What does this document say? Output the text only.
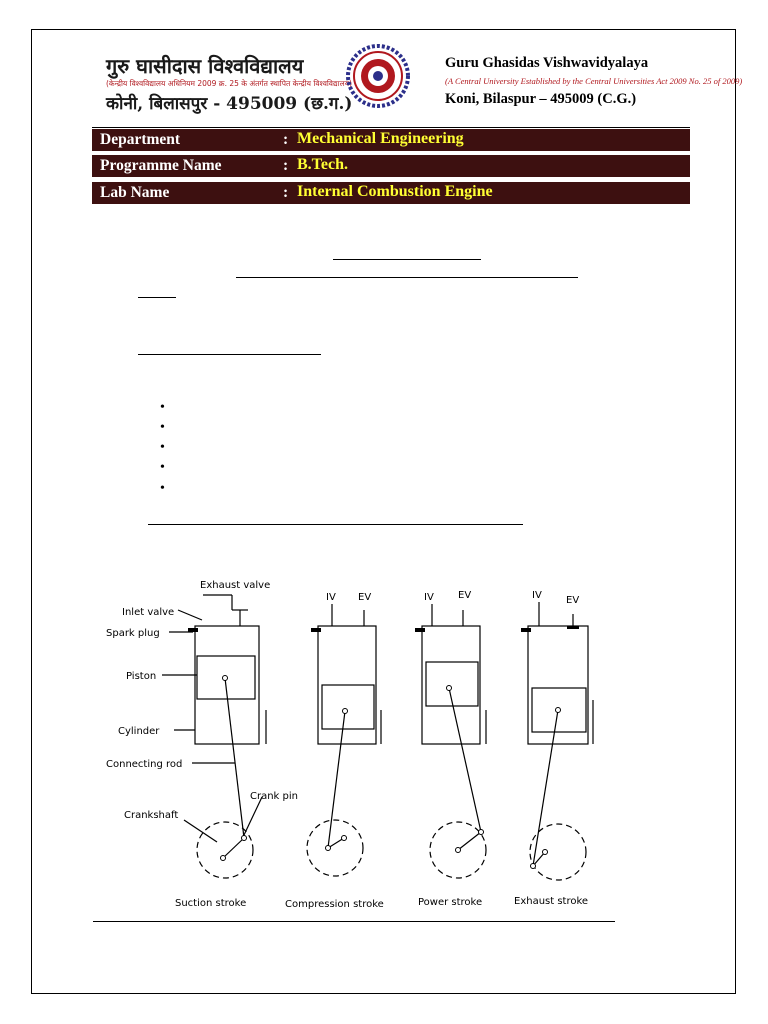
गुरु घासीदास विश्वविद्यालय
(केन्द्रीय विश्वविद्यालय अधिनियम 2009 क्र. 25 के अंतर्गत स्थापित केन्द्रीय विश्वविद्यालय)
कोनी, बिलासपुर - 495009 (छ.ग.)
Guru Ghasidas Vishwavidyalaya
(A Central University Established by the Central Universities Act 2009 No. 25 of 2009)
Koni, Bilaspur – 495009 (C.G.)
Department	: Mechanical Engineering
Programme Name	: B.Tech.
Lab Name	: Internal Combustion Engine
•
•
•
•
•
Exhaust valve
Inlet valve
Spark plug
Piston
Cylinder
Connecting rod
Crank pin
Crankshaft
IV EV	IV EV	IV EV
Suction stroke	Compression stroke	Power stroke	Exhaust stroke
